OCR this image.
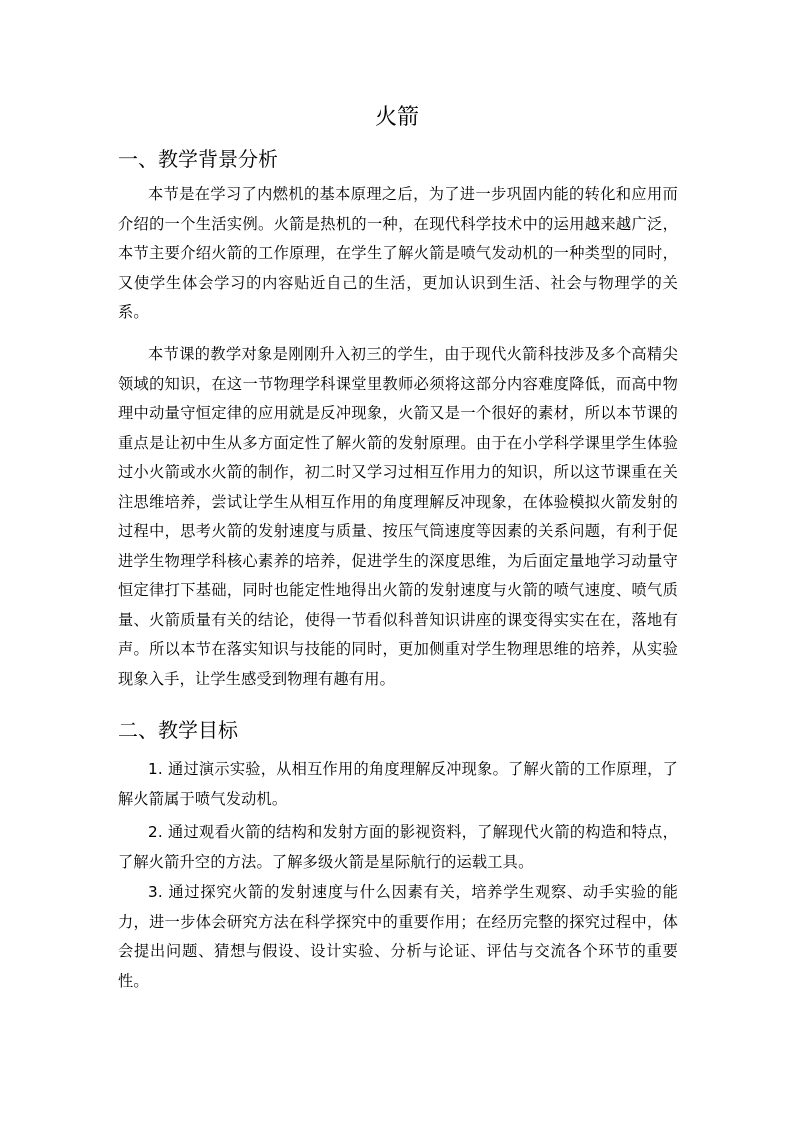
火箭
一、教学背景分析

本节是在学习了内燃机的基本原理之后，为了进一步巩固内能的转化和应用而介绍的一个生活实例。火箭是热机的一种，在现代科学技术中的运用越来越广泛，本节主要介绍火箭的工作原理，在学生了解火箭是喷气发动机的一种类型的同时，又使学生体会学习的内容贴近自己的生活，更加认识到生活、社会与物理学的关系。

本节课的教学对象是刚刚升入初三的学生，由于现代火箭科技涉及多个高精尖领域的知识，在这一节物理学科课堂里教师必须将这部分内容难度降低，而高中物理中动量守恒定律的应用就是反冲现象，火箭又是一个很好的素材，所以本节课的重点是让初中生从多方面定性了解火箭的发射原理。由于在小学科学课里学生体验过小火箭或水火箭的制作，初二时又学习过相互作用力的知识，所以这节课重在关注思维培养，尝试让学生从相互作用的角度理解反冲现象，在体验模拟火箭发射的过程中，思考火箭的发射速度与质量、按压气筒速度等因素的关系问题，有利于促进学生物理学科核心素养的培养，促进学生的深度思维，为后面定量地学习动量守恒定律打下基础，同时也能定性地得出火箭的发射速度与火箭的喷气速度、喷气质量、火箭质量有关的结论，使得一节看似科普知识讲座的课变得实实在在，落地有声。所以本节在落实知识与技能的同时，更加侧重对学生物理思维的培养，从实验现象入手，让学生感受到物理有趣有用。

二、教学目标

1. 通过演示实验，从相互作用的角度理解反冲现象。了解火箭的工作原理，了解火箭属于喷气发动机。

2. 通过观看火箭的结构和发射方面的影视资料，了解现代火箭的构造和特点，了解火箭升空的方法。了解多级火箭是星际航行的运载工具。

3. 通过探究火箭的发射速度与什么因素有关，培养学生观察、动手实验的能力，进一步体会研究方法在科学探究中的重要作用；在经历完整的探究过程中，体会提出问题、猜想与假设、设计实验、分析与论证、评估与交流各个环节的重要性。
